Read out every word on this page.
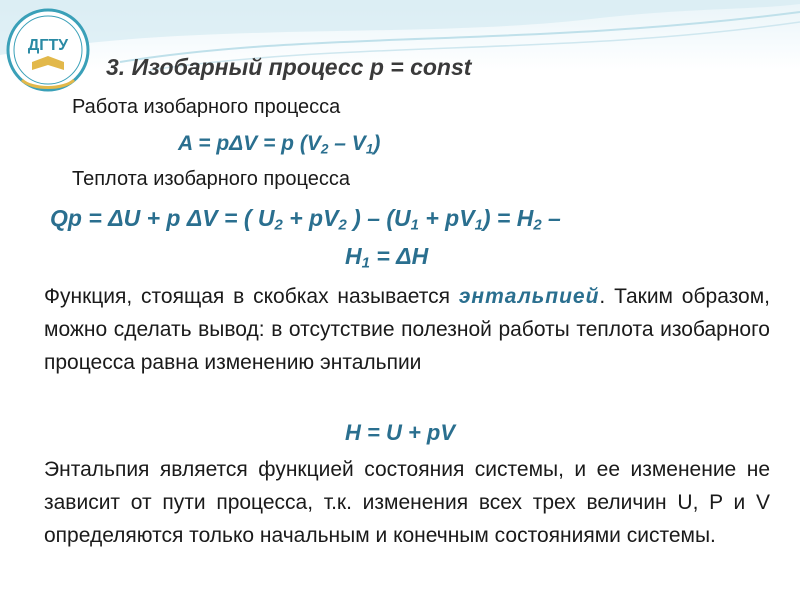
ДГТУ
3. Изобарный процесс p = const
Работа изобарного процесса
A = pΔV = p $(V_2 - V_1)$
Теплота изобарного процесса
Qp = ΔU + p ΔV = ( $U_2 + pV_2$ ) – $(U_1 + pV_1) = H_2$ –
$H_1 = \Delta H$
Функция, стоящая в скобках называется энтальпией. Таким образом, можно сделать вывод: в отсутствие полезной работы теплота изобарного процесса равна изменению энтальпии
H = U + pV
Энтальпия является функцией состояния системы, и ее изменение не зависит от пути процесса, т.к. изменения всех трех величин U, P и V определяются только начальным и конечным состояниями системы.
